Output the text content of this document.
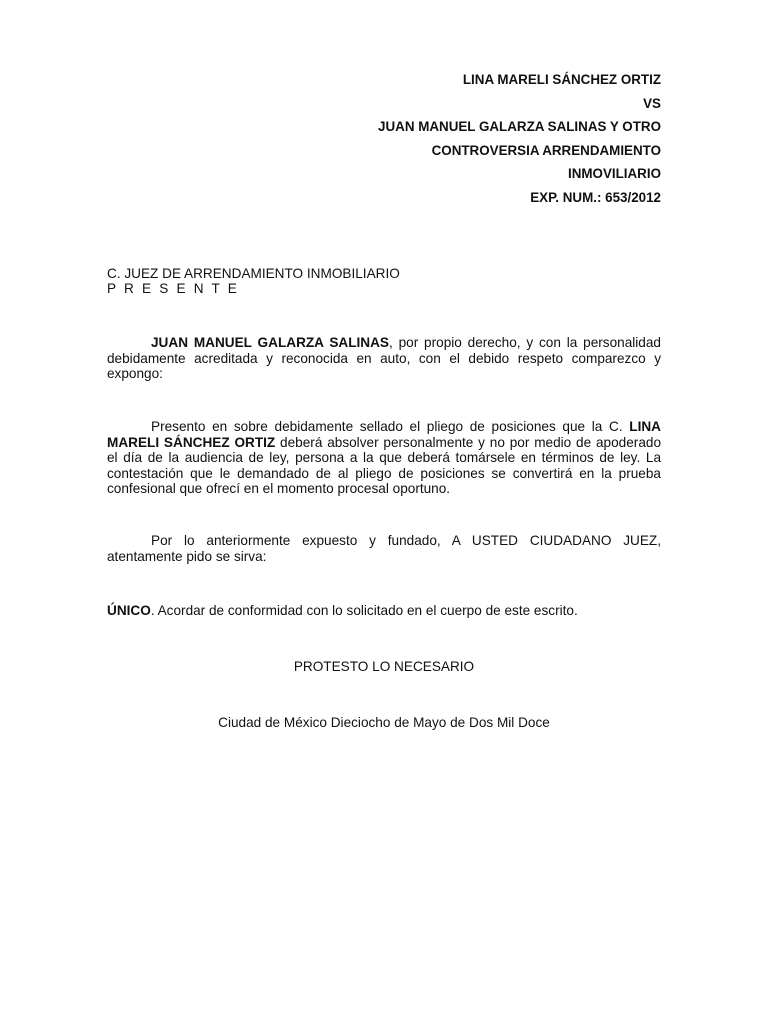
LINA MARELI SÁNCHEZ ORTIZ
VS
JUAN MANUEL GALARZA SALINAS Y OTRO
CONTROVERSIA ARRENDAMIENTO
INMOVILIARIO
EXP. NUM.: 653/2012
C. JUEZ DE ARRENDAMIENTO INMOBILIARIO
P R E S E N T E
JUAN MANUEL GALARZA SALINAS, por propio derecho, y con la personalidad debidamente acreditada y reconocida en auto, con el debido respeto comparezco y expongo:
Presento en sobre debidamente sellado el pliego de posiciones que la C. LINA MARELI SÁNCHEZ ORTIZ deberá absolver personalmente y no por medio de apoderado el día de la audiencia de ley, persona a la que deberá tomársele en términos de ley. La contestación que le demandado de al pliego de posiciones se convertirá en la prueba confesional que ofrecí en el momento procesal oportuno.
Por lo anteriormente expuesto y fundado, A USTED CIUDADANO JUEZ, atentamente pido se sirva:
ÚNICO. Acordar de conformidad con lo solicitado en el cuerpo de este escrito.
PROTESTO LO NECESARIO
Ciudad de México Dieciocho de Mayo de Dos Mil Doce
